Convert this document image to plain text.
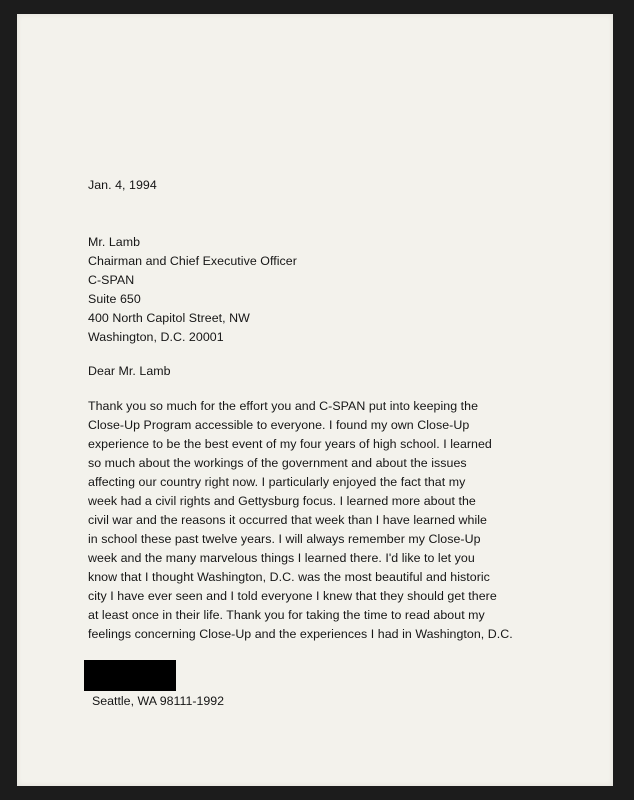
Jan. 4, 1994
Mr. Lamb
Chairman and Chief Executive Officer
C-SPAN
Suite 650
400 North Capitol Street, NW
Washington, D.C. 20001
Dear Mr. Lamb
Thank you so much for the effort you and C-SPAN put into keeping the
Close-Up Program accessible to everyone. I found my own Close-Up
experience to be the best event of my four years of high school. I learned
so much about the workings of the government and about the issues
affecting our country right now. I particularly enjoyed the fact that my
week had a civil rights and Gettysburg focus. I learned more about the
civil war and the reasons it occurred that week than I have learned while
in school these past twelve years. I will always remember my Close-Up
week and the many marvelous things I learned there. I'd like to let you
know that I thought Washington, D.C. was the most beautiful and historic
city I have ever seen and I told everyone I knew that they should get there
at least once in their life. Thank you for taking the time to read about my
feelings concerning Close-Up and the experiences I had in Washington, D.C.
Seattle, WA 98111-1992
